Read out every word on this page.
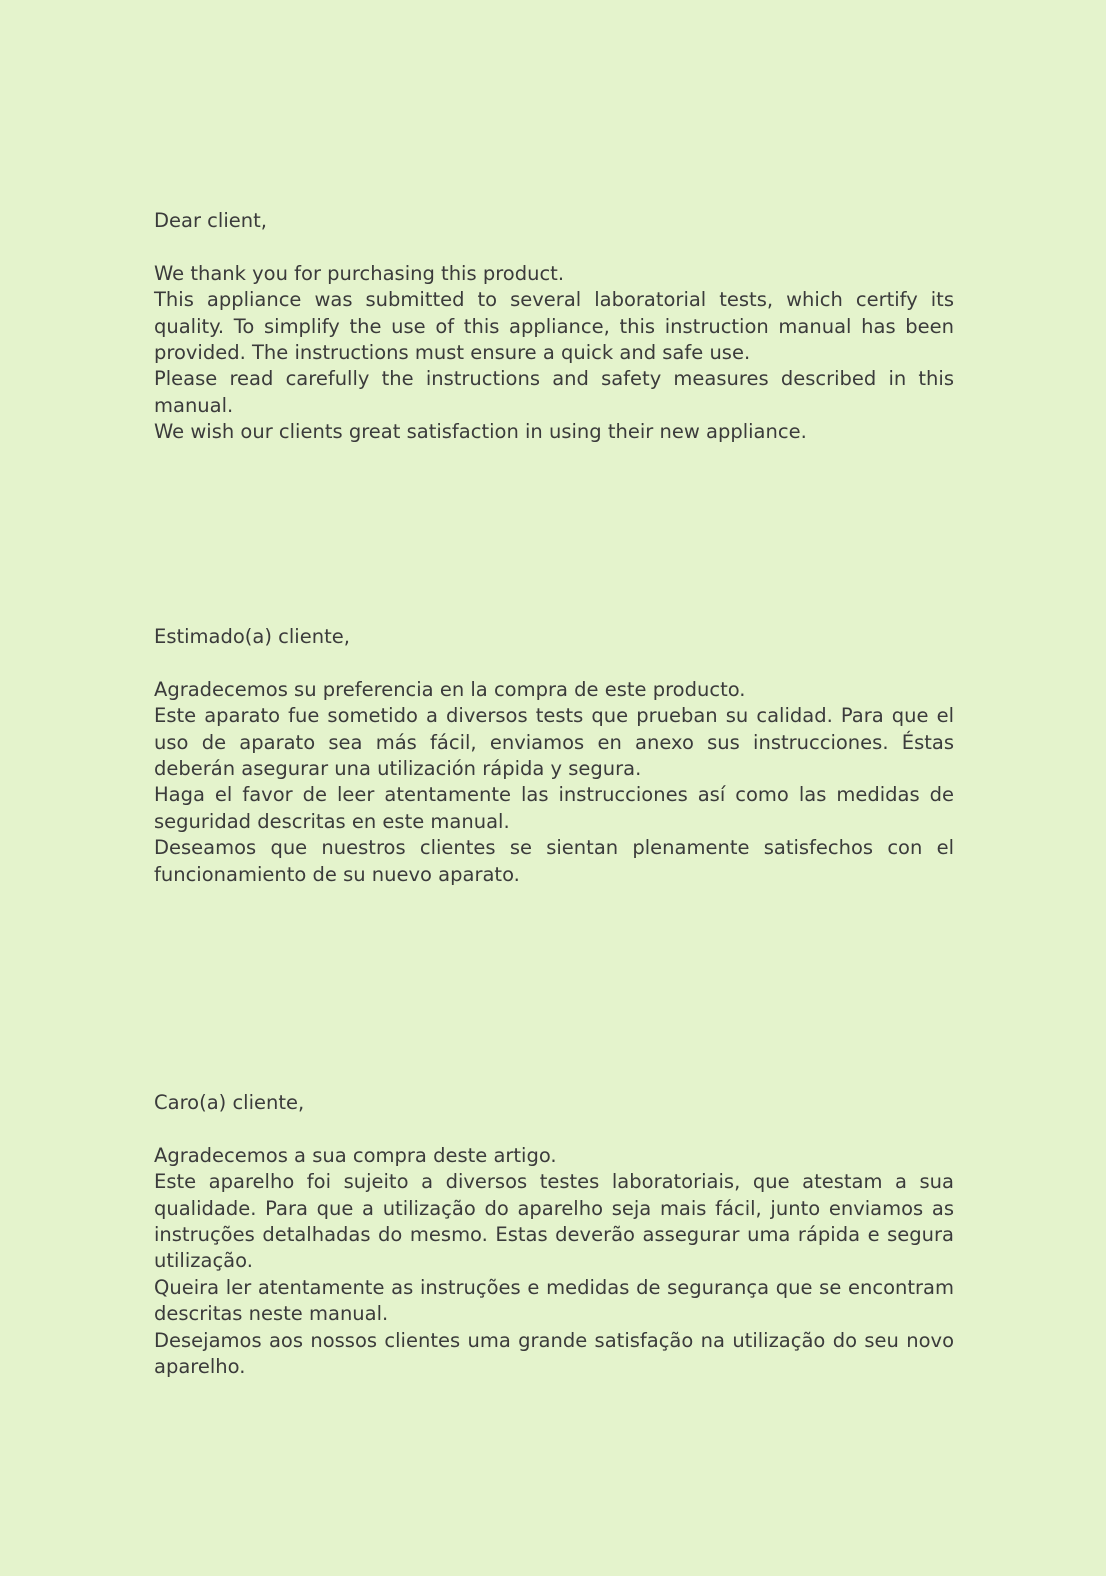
Dear client,

We thank you for purchasing this product.

This appliance was submitted to several laboratorial tests, which certify its quality. To simplify the use of this appliance, this instruction manual has been provided. The instructions must ensure a quick and safe use.

Please read carefully the instructions and safety measures described in this manual.

We wish our clients great satisfaction in using their new appliance.

Estimado(a) cliente,

Agradecemos su preferencia en la compra de este producto.

Este aparato fue sometido a diversos tests que prueban su calidad. Para que el uso de aparato sea más fácil, enviamos en anexo sus instrucciones. Éstas deberán asegurar una utilización rápida y segura.

Haga el favor de leer atentamente las instrucciones así como las medidas de seguridad descritas en este manual.

Deseamos que nuestros clientes se sientan plenamente satisfechos con el funcionamiento de su nuevo aparato.

Caro(a) cliente,

Agradecemos a sua compra deste artigo.

Este aparelho foi sujeito a diversos testes laboratoriais, que atestam a sua qualidade. Para que a utilização do aparelho seja mais fácil, junto enviamos as instruções detalhadas do mesmo. Estas deverão assegurar uma rápida e segura utilização.

Queira ler atentamente as instruções e medidas de segurança que se encontram descritas neste manual.

Desejamos aos nossos clientes uma grande satisfação na utilização do seu novo aparelho.
